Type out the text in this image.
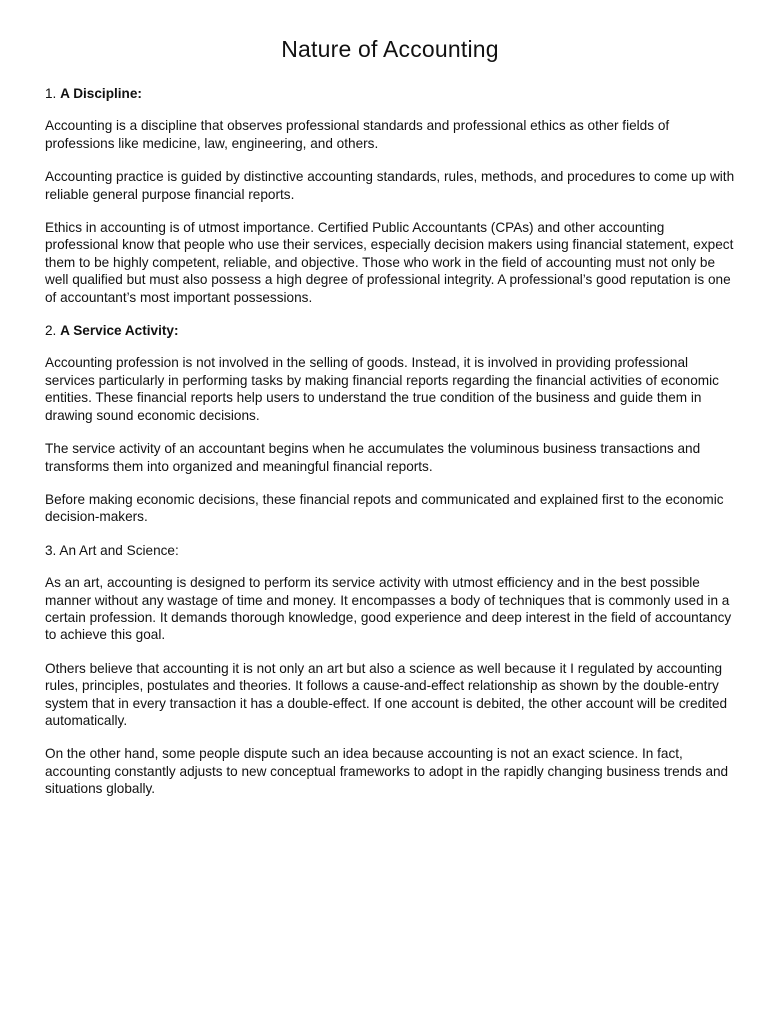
Nature of Accounting
1. A Discipline:

Accounting is a discipline that observes professional standards and professional ethics as other fields of professions like medicine, law, engineering, and others.

Accounting practice is guided by distinctive accounting standards, rules, methods, and procedures to come up with reliable general purpose financial reports.

Ethics in accounting is of utmost importance. Certified Public Accountants (CPAs) and other accounting professional know that people who use their services, especially decision makers using financial statement, expect them to be highly competent, reliable, and objective. Those who work in the field of accounting must not only be well qualified but must also possess a high degree of professional integrity. A professional’s good reputation is one of accountant’s most important possessions.

2. A Service Activity:

Accounting profession is not involved in the selling of goods. Instead, it is involved in providing professional services particularly in performing tasks by making financial reports regarding the financial activities of economic entities. These financial reports help users to understand the true condition of the business and guide them in drawing sound economic decisions.

The service activity of an accountant begins when he accumulates the voluminous business transactions and transforms them into organized and meaningful financial reports.

Before making economic decisions, these financial repots and communicated and explained first to the economic decision-makers.

3. An Art and Science:

As an art, accounting is designed to perform its service activity with utmost efficiency and in the best possible manner without any wastage of time and money. It encompasses a body of techniques that is commonly used in a certain profession. It demands thorough knowledge, good experience and deep interest in the field of accountancy to achieve this goal.

Others believe that accounting it is not only an art but also a science as well because it I regulated by accounting rules, principles, postulates and theories. It follows a cause-and-effect relationship as shown by the double-entry system that in every transaction it has a double-effect. If one account is debited, the other account will be credited automatically.

On the other hand, some people dispute such an idea because accounting is not an exact science. In fact, accounting constantly adjusts to new conceptual frameworks to adopt in the rapidly changing business trends and situations globally.
